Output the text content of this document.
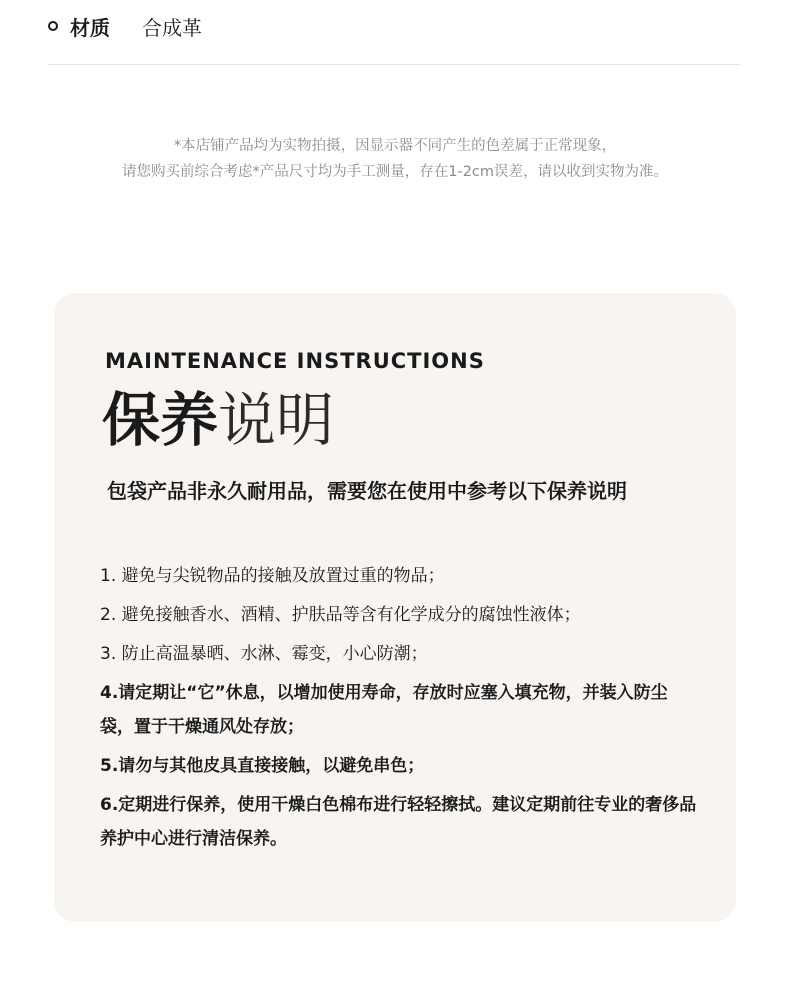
材质 合成革
*本店铺产品均为实物拍摄，因显示器不同产生的色差属于正常现象，
请您购买前综合考虑*产品尺寸均为手工测量，存在1-2cm误差，请以收到实物为准。
MAINTENANCE INSTRUCTIONS
保养说明
包袋产品非永久耐用品，需要您在使用中参考以下保养说明
1. 避免与尖锐物品的接触及放置过重的物品；
2. 避免接触香水、酒精、护肤品等含有化学成分的腐蚀性液体；
3. 防止高温暴晒、水淋、霉变，小心防潮；
4.请定期让“它”休息，以增加使用寿命，存放时应塞入填充物，并装入防尘袋，置于干燥通风处存放；
5.请勿与其他皮具直接接触，以避免串色；
6.定期进行保养，使用干燥白色棉布进行轻轻擦拭。建议定期前往专业的奢侈品养护中心进行清洁保养。
